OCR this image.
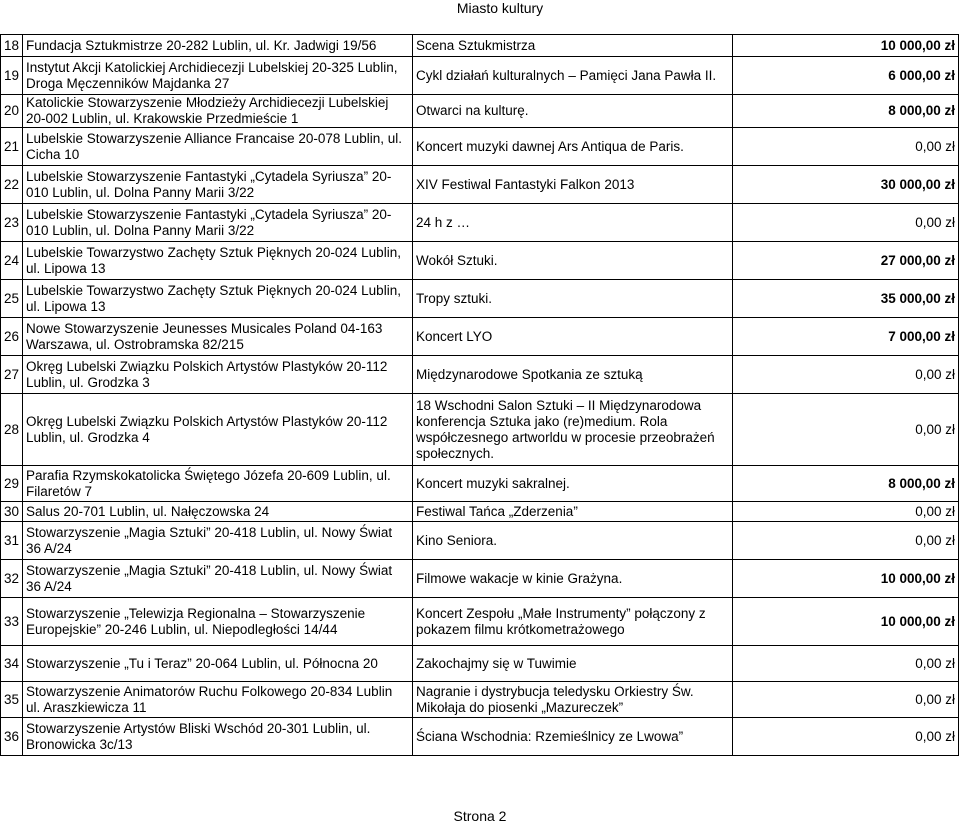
Miasto kultury
18	Fundacja Sztukmistrze 20-282 Lublin, ul. Kr. Jadwigi 19/56	Scena Sztukmistrza	10 000,00 zł
19	Instytut Akcji Katolickiej Archidiecezji Lubelskiej 20-325 Lublin, Droga Męczenników Majdanka 27	Cykl działań kulturalnych – Pamięci Jana Pawła II.	6 000,00 zł
20	Katolickie Stowarzyszenie Młodzieży Archidiecezji Lubelskiej 20-002 Lublin, ul. Krakowskie Przedmieście 1	Otwarci na kulturę.	8 000,00 zł
21	Lubelskie Stowarzyszenie Alliance Francaise 20-078 Lublin, ul. Cicha 10	Koncert muzyki dawnej Ars Antiqua de Paris.	0,00 zł
22	Lubelskie Stowarzyszenie Fantastyki „Cytadela Syriusza” 20-010 Lublin, ul. Dolna Panny Marii 3/22	XIV Festiwal Fantastyki Falkon 2013	30 000,00 zł
23	Lubelskie Stowarzyszenie Fantastyki „Cytadela Syriusza” 20-010 Lublin, ul. Dolna Panny Marii 3/22	24 h z …	0,00 zł
24	Lubelskie Towarzystwo Zachęty Sztuk Pięknych 20-024 Lublin, ul. Lipowa 13	Wokół Sztuki.	27 000,00 zł
25	Lubelskie Towarzystwo Zachęty Sztuk Pięknych 20-024 Lublin, ul. Lipowa 13	Tropy sztuki.	35 000,00 zł
26	Nowe Stowarzyszenie Jeunesses Musicales Poland 04-163 Warszawa, ul. Ostrobramska 82/215	Koncert LYO	7 000,00 zł
27	Okręg Lubelski Związku Polskich Artystów Plastyków 20-112 Lublin, ul. Grodzka 3	Międzynarodowe Spotkania ze sztuką	0,00 zł
28	Okręg Lubelski Związku Polskich Artystów Plastyków 20-112 Lublin, ul. Grodzka 4	18 Wschodni Salon Sztuki – II Międzynarodowa konferencja Sztuka jako (re)medium. Rola współczesnego artworldu w procesie przeobrażeń społecznych.	0,00 zł
29	Parafia Rzymskokatolicka Świętego Józefa 20-609 Lublin, ul. Filaretów 7	Koncert muzyki sakralnej.	8 000,00 zł
30	Salus 20-701 Lublin, ul. Nałęczowska 24	Festiwal Tańca „Zderzenia”	0,00 zł
31	Stowarzyszenie „Magia Sztuki” 20-418 Lublin, ul. Nowy Świat 36 A/24	Kino Seniora.	0,00 zł
32	Stowarzyszenie „Magia Sztuki” 20-418 Lublin, ul. Nowy Świat 36 A/24	Filmowe wakacje w kinie Grażyna.	10 000,00 zł
33	Stowarzyszenie „Telewizja Regionalna – Stowarzyszenie Europejskie” 20-246 Lublin, ul. Niepodległości 14/44	Koncert Zespołu „Małe Instrumenty” połączony z pokazem filmu krótkometrażowego	10 000,00 zł
34	Stowarzyszenie „Tu i Teraz” 20-064 Lublin, ul. Północna 20	Zakochajmy się w Tuwimie	0,00 zł
35	Stowarzyszenie Animatorów Ruchu Folkowego 20-834 Lublin ul. Araszkiewicza 11	Nagranie i dystrybucja teledysku Orkiestry Św. Mikołaja do piosenki „Mazureczek”	0,00 zł
36	Stowarzyszenie Artystów Bliski Wschód 20-301 Lublin, ul. Bronowicka 3c/13	Ściana Wschodnia: Rzemieślnicy ze Lwowa”	0,00 zł
Strona 2
